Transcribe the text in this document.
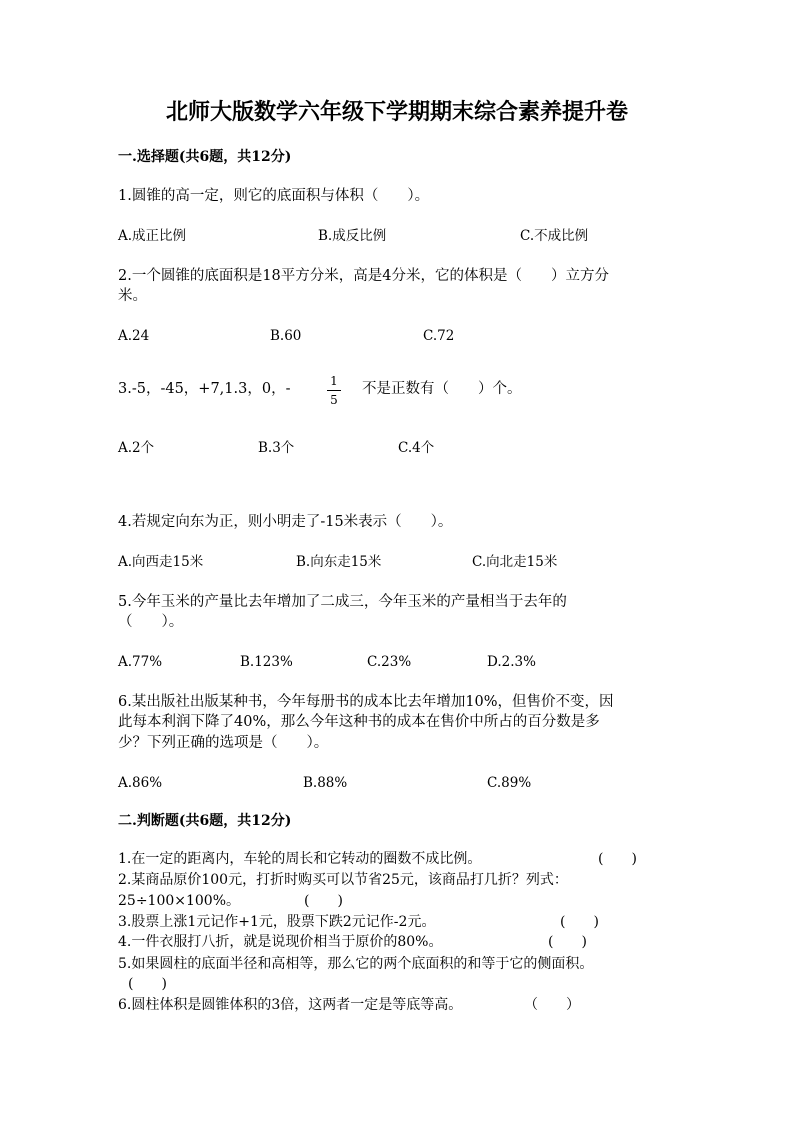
北师大版数学六年级下学期期末综合素养提升卷
一.选择题(共6题，共12分)
1.圆锥的高一定，则它的底面积与体积（　　）。
A.成正比例	B.成反比例	C.不成比例
2.一个圆锥的底面积是18平方分米，高是4分米，它的体积是（　　）立方分
米。
A.24	B.60	C.72
3.-5，-45，+7,1.3，0，-	1
5
不是正数有（　　）个。
A.2个	B.3个	C.4个
4.若规定向东为正，则小明走了-15米表示（　　）。
A.向西走15米	B.向东走15米	C.向北走15米
5.今年玉米的产量比去年增加了二成三，今年玉米的产量相当于去年的
（　　）。
A.77%	B.123%	C.23%	D.2.3%
6.某出版社出版某种书，今年每册书的成本比去年增加10%，但售价不变，因
此每本利润下降了40%，那么今年这种书的成本在售价中所占的百分数是多
少？下列正确的选项是（　　）。
A.86%	B.88%	C.89%
二.判断题(共6题，共12分)
1.在一定的距离内，车轮的周长和它转动的圈数不成比例。	(　　)
2.某商品原价100元，打折时购买可以节省25元，该商品打几折？列式：
25÷100×100%。	(　　)
3.股票上涨1元记作+1元，股票下跌2元记作-2元。	(　　)
4.一件衣服打八折，就是说现价相当于原价的80%。	(　　)
5.如果圆柱的底面半径和高相等，那么它的两个底面积的和等于它的侧面积。
(　　)
6.圆柱体积是圆锥体积的3倍，这两者一定是等底等高。	（　　）
